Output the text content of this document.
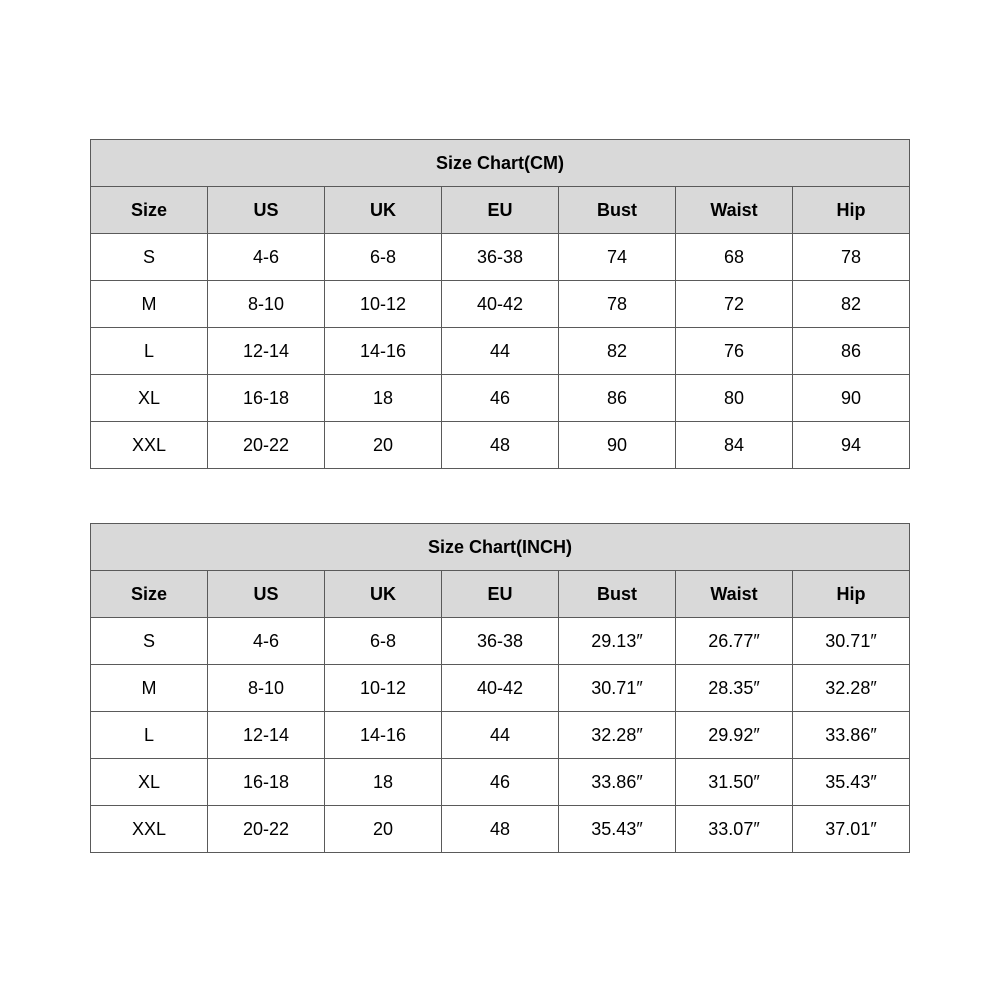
Size Chart(CM)						
Size	US	UK	EU	Bust	Waist	Hip
S	4-6	6-8	36-38	74	68	78
M	8-10	10-12	40-42	78	72	82
L	12-14	14-16	44	82	76	86
XL	16-18	18	46	86	80	90
XXL	20-22	20	48	90	84	94
Size Chart(INCH)						
Size	US	UK	EU	Bust	Waist	Hip
S	4-6	6-8	36-38	29.13″	26.77″	30.71″
M	8-10	10-12	40-42	30.71″	28.35″	32.28″
L	12-14	14-16	44	32.28″	29.92″	33.86″
XL	16-18	18	46	33.86″	31.50″	35.43″
XXL	20-22	20	48	35.43″	33.07″	37.01″
